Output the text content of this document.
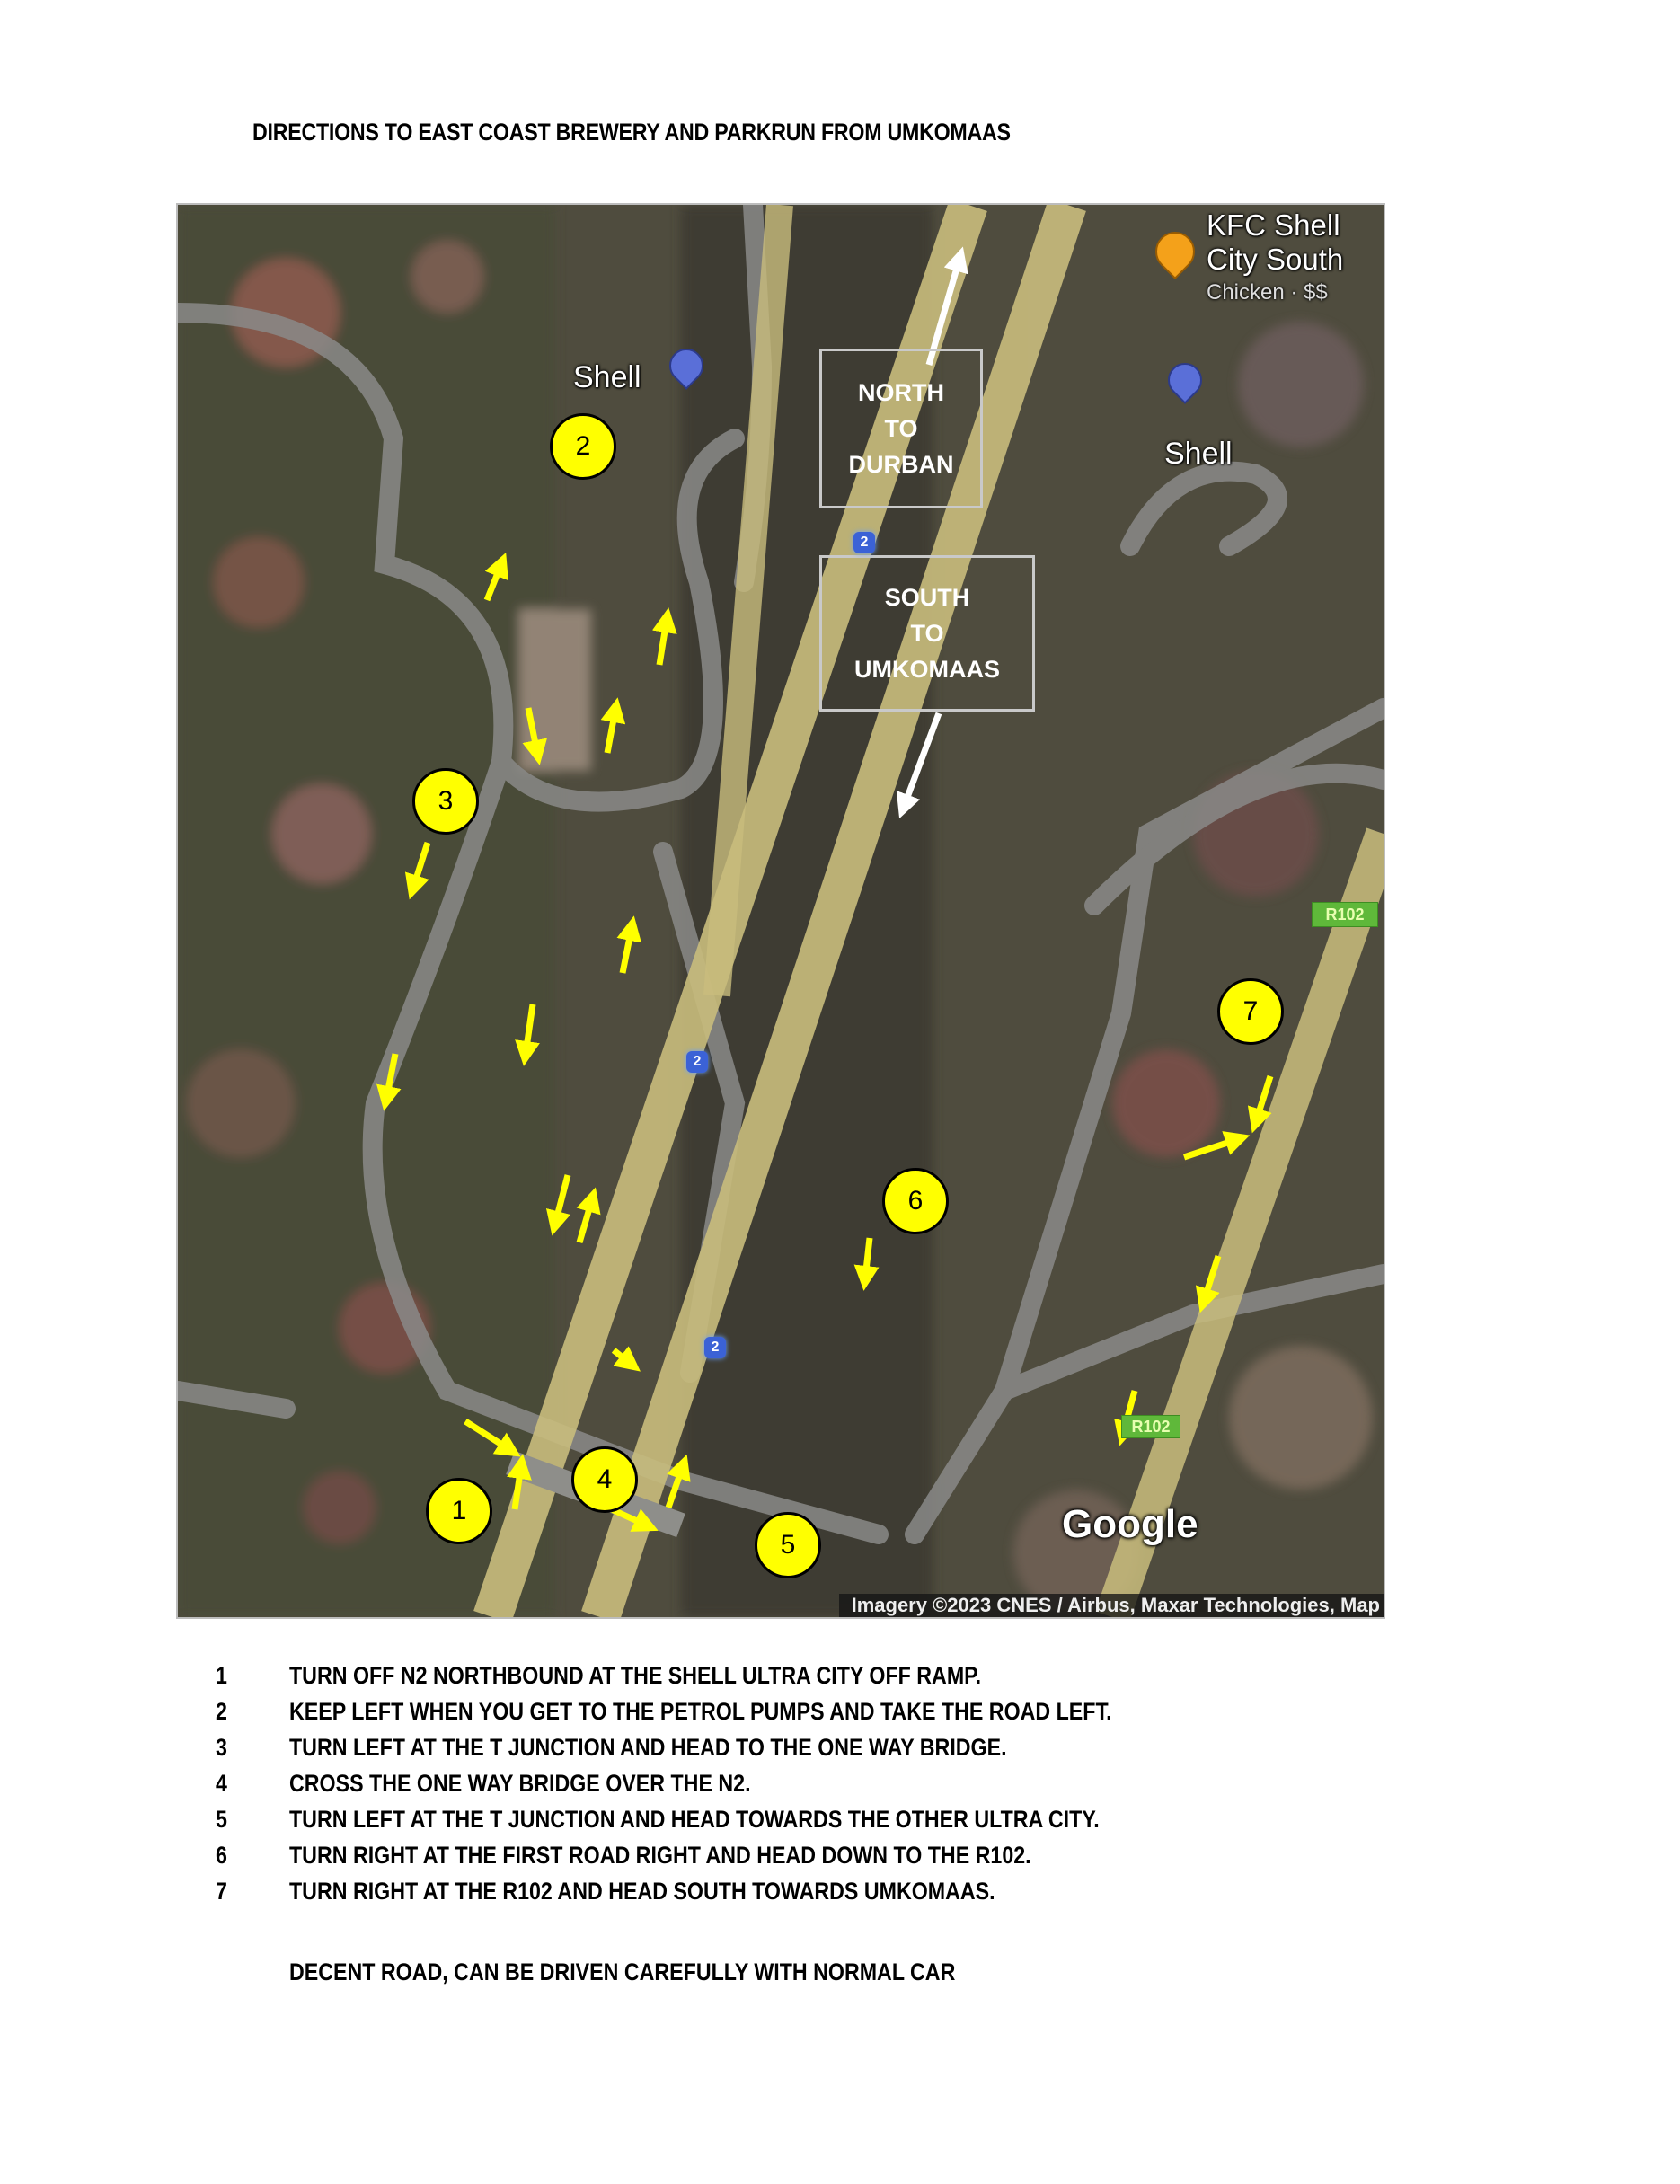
DIRECTIONS TO EAST COAST BREWERY AND PARKRUN FROM UMKOMAAS
NORTH
TO
DURBAN
SOUTH
TO
UMKOMAAS
Shell
Shell
KFC Shell
City South
Chicken · $$
2
2
2
R102
R102
1
2
3
4
5
6
7
Google
Imagery ©2023 CNES / Airbus, Maxar Technologies, Map
1	TURN OFF N2 NORTHBOUND AT THE SHELL ULTRA CITY OFF RAMP.
2	KEEP LEFT WHEN YOU GET TO THE PETROL PUMPS AND TAKE THE ROAD LEFT.
3	TURN LEFT AT THE T JUNCTION AND HEAD TO THE ONE WAY BRIDGE.
4	CROSS THE ONE WAY BRIDGE OVER THE N2.
5	TURN LEFT AT THE T JUNCTION AND HEAD TOWARDS THE OTHER ULTRA CITY.
6	TURN RIGHT AT THE FIRST ROAD RIGHT AND HEAD DOWN TO THE R102.
7	TURN RIGHT AT THE R102 AND HEAD SOUTH TOWARDS UMKOMAAS.
DECENT ROAD, CAN BE DRIVEN CAREFULLY WITH NORMAL CAR
